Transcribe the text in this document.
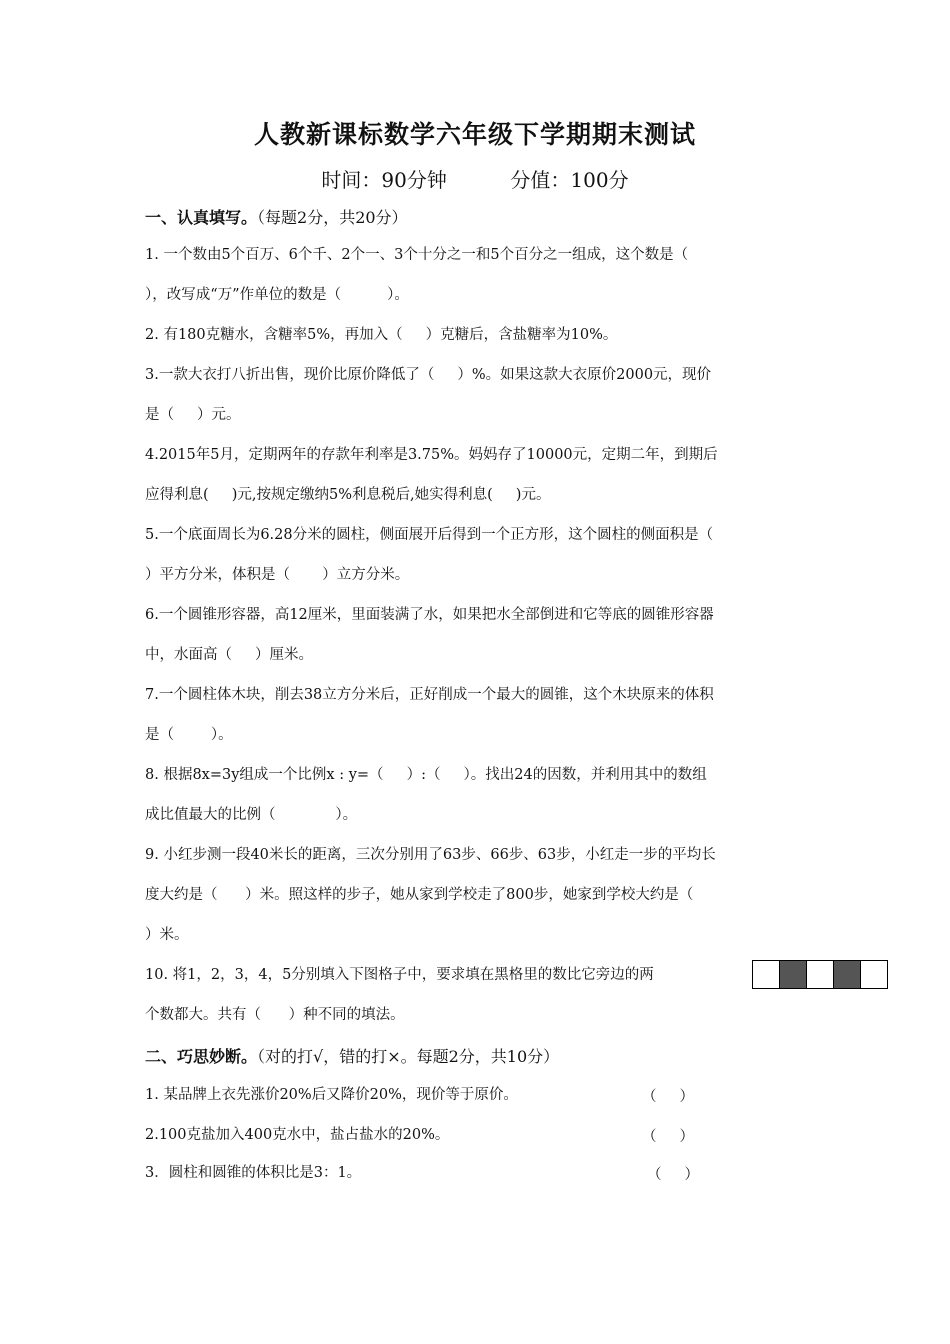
人教新课标数学六年级下学期期末测试
时间：90分钟          分值：100分
一、认真填写。（每题2分，共20分）
1. 一个数由5个百万、6个千、2个一、3个十分之一和5个百分之一组成，这个数是（
），改写成“万”作单位的数是（          ）。
2. 有180克糖水，含糖率5%，再加入（     ）克糖后，含盐糖率为10%。
3.一款大衣打八折出售，现价比原价降低了（     ）%。如果这款大衣原价2000元，现价
是（     ）元。
4.2015年5月，定期两年的存款年利率是3.75%。妈妈存了10000元，定期二年，到期后
应得利息(     )元,按规定缴纳5%利息税后,她实得利息(     )元。
5.一个底面周长为6.28分米的圆柱，侧面展开后得到一个正方形，这个圆柱的侧面积是（
）平方分米，体积是（       ）立方分米。
6.一个圆锥形容器，高12厘米，里面装满了水，如果把水全部倒进和它等底的圆锥形容器
中，水面高（     ）厘米。
7.一个圆柱体木块，削去38立方分米后，正好削成一个最大的圆锥，这个木块原来的体积
是（        ）。
8. 根据8x=3y组成一个比例x : y=（     ）:（     ）。找出24的因数，并利用其中的数组
成比值最大的比例（             ）。
9. 小红步测一段40米长的距离，三次分别用了63步、66步、63步，小红走一步的平均长
度大约是（      ）米。照这样的步子，她从家到学校走了800步，她家到学校大约是（
）米。
10. 将1，2，3，4，5分别填入下图格子中，要求填在黑格里的数比它旁边的两
个数都大。共有（      ）种不同的填法。
二、巧思妙断。（对的打√，错的打×。每题2分，共10分）
1. 某品牌上衣先涨价20%后又降价20%，现价等于原价。	（     ）
2.100克盐加入400克水中，盐占盐水的20%。	（     ）
3．圆柱和圆锥的体积比是3：1。	（     ）
